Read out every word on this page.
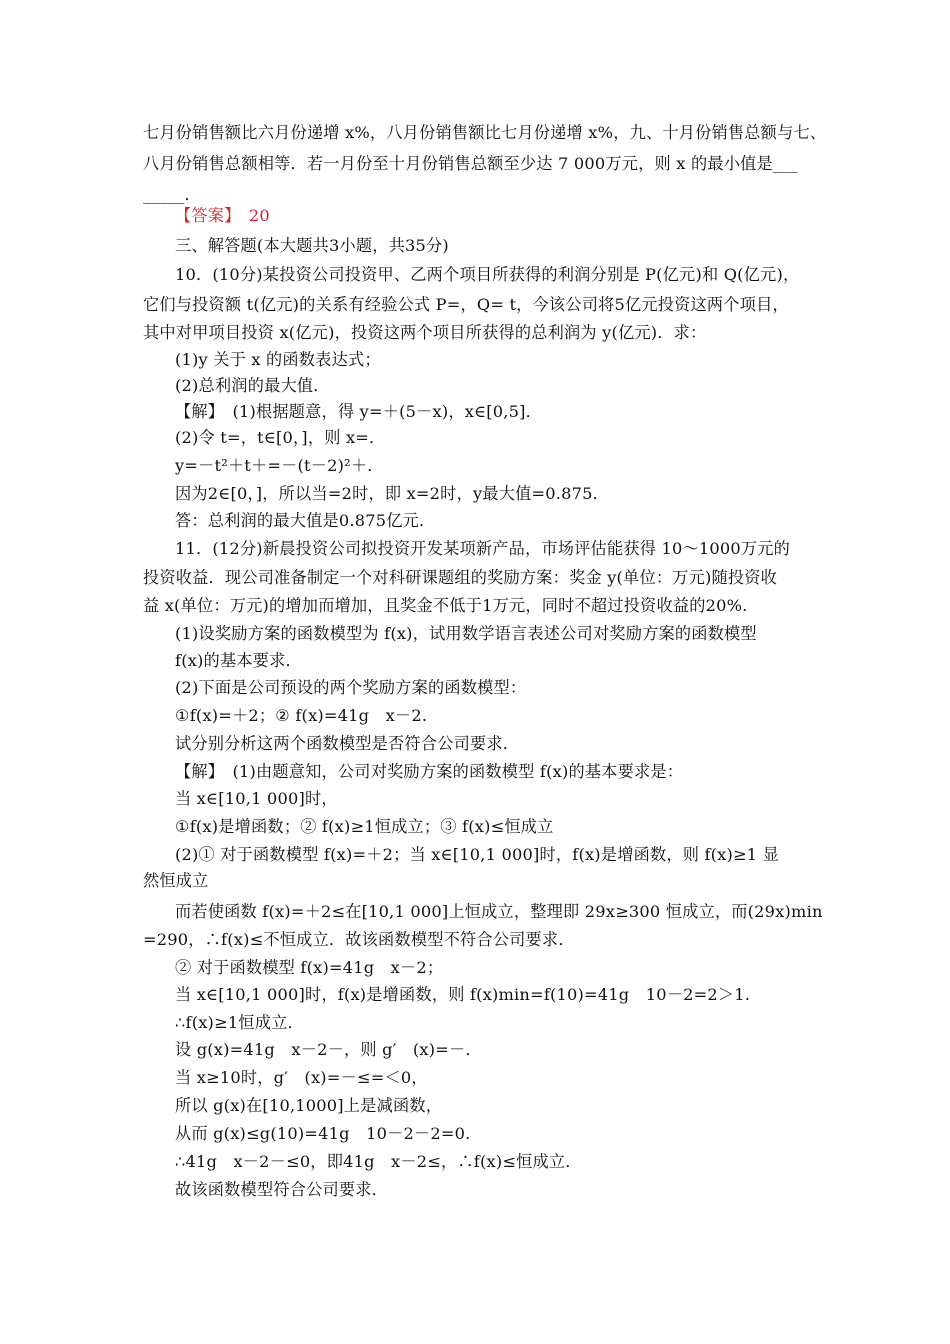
七月份销售额比六月份递增 x%，八月份销售额比七月份递增 x%，九、十月份销售总额与七、
八月份销售总额相等．若一月份至十月份销售总额至少达 7 000万元，则 x 的最小值是___
_____．
【答案】　20
三、解答题(本大题共3小题，共35分)
10．(10分)某投资公司投资甲、乙两个项目所获得的利润分别是 P(亿元)和 Q(亿元)，
它们与投资额 t(亿元)的关系有经验公式 P=，Q= t，今该公司将5亿元投资这两个项目，
其中对甲项目投资 x(亿元)，投资这两个项目所获得的总利润为 y(亿元)．求：
(1)y 关于 x 的函数表达式；
(2)总利润的最大值．
【解】　(1)根据题意，得 y=＋(5－x)，x∈[0,5]．
(2)令 t=，t∈[0，]，则 x=．
y=－t²＋t＋=－(t－2)²＋．
因为2∈[0，]，所以当=2时，即 x=2时，y最大值=0.875．
答：总利润的最大值是0.875亿元．
11．(12分)新晨投资公司拟投资开发某项新产品，市场评估能获得 10～1000万元的
投资收益．现公司准备制定一个对科研课题组的奖励方案：奖金 y(单位：万元)随投资收
益 x(单位：万元)的增加而增加，且奖金不低于1万元，同时不超过投资收益的20%.
(1)设奖励方案的函数模型为 f(x)，试用数学语言表述公司对奖励方案的函数模型
f(x)的基本要求．
(2)下面是公司预设的两个奖励方案的函数模型：
①f(x)=＋2；② f(x)=41g　x－2.
试分别分析这两个函数模型是否符合公司要求．
【解】　(1)由题意知，公司对奖励方案的函数模型 f(x)的基本要求是：
当 x∈[10,1 000]时，
①f(x)是增函数；② f(x)≥1恒成立；③ f(x)≤恒成立
(2)① 对于函数模型 f(x)=＋2；当 x∈[10,1 000]时，f(x)是增函数，则 f(x)≥1 显
然恒成立
而若使函数 f(x)=＋2≤在[10,1 000]上恒成立，整理即 29x≥300 恒成立，而(29x)min
=290，∴f(x)≤不恒成立．故该函数模型不符合公司要求．
② 对于函数模型 f(x)=41g　x－2；
当 x∈[10,1 000]时，f(x)是增函数，则 f(x)min=f(10)=41g　10－2=2＞1.
∴f(x)≥1恒成立．
设 g(x)=41g　x－2－，则 g′　(x)=－．
当 x≥10时，g′　(x)=－≤=＜0，
所以 g(x)在[10,1000]上是减函数，
从而 g(x)≤g(10)=41g　10－2－2=0.
∴41g　x－2－≤0，即41g　x－2≤，∴f(x)≤恒成立．
故该函数模型符合公司要求．
